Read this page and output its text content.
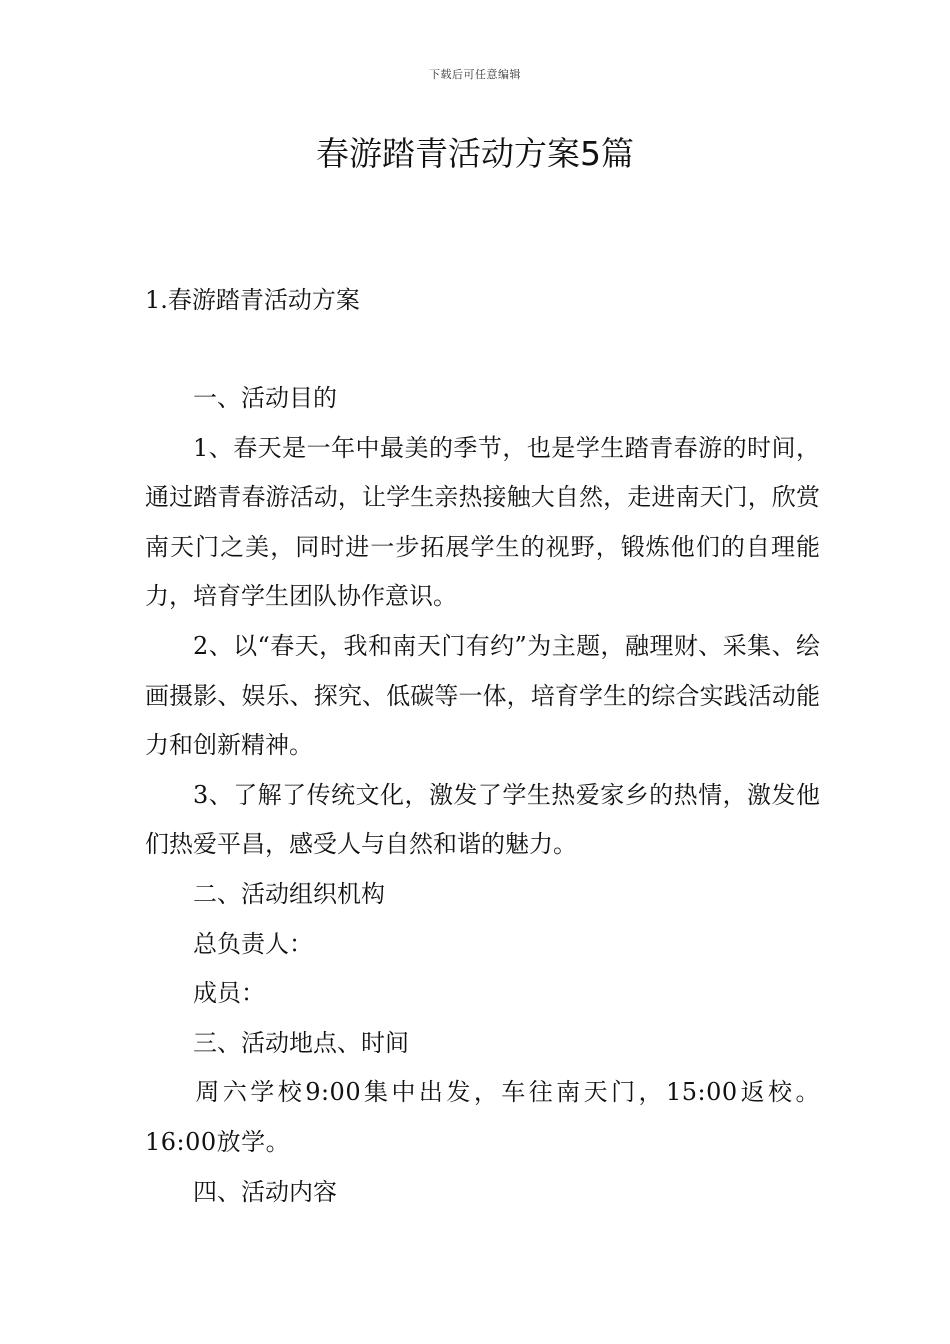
下载后可任意编辑
春游踏青活动方案5篇
1.春游踏青活动方案

一、活动目的

1、春天是一年中最美的季节，也是学生踏青春游的时间，通过踏青春游活动，让学生亲热接触大自然，走进南天门，欣赏南天门之美，同时进一步拓展学生的视野，锻炼他们的自理能力，培育学生团队协作意识。

2、以“春天，我和南天门有约”为主题，融理财、采集、绘画摄影、娱乐、探究、低碳等一体，培育学生的综合实践活动能力和创新精神。

3、了解了传统文化，激发了学生热爱家乡的热情，激发他们热爱平昌，感受人与自然和谐的魅力。

二、活动组织机构

总负责人：

成员：

三、活动地点、时间

周六学校9:00集中出发，车往南天门，15:00返校。16:00放学。

四、活动内容
